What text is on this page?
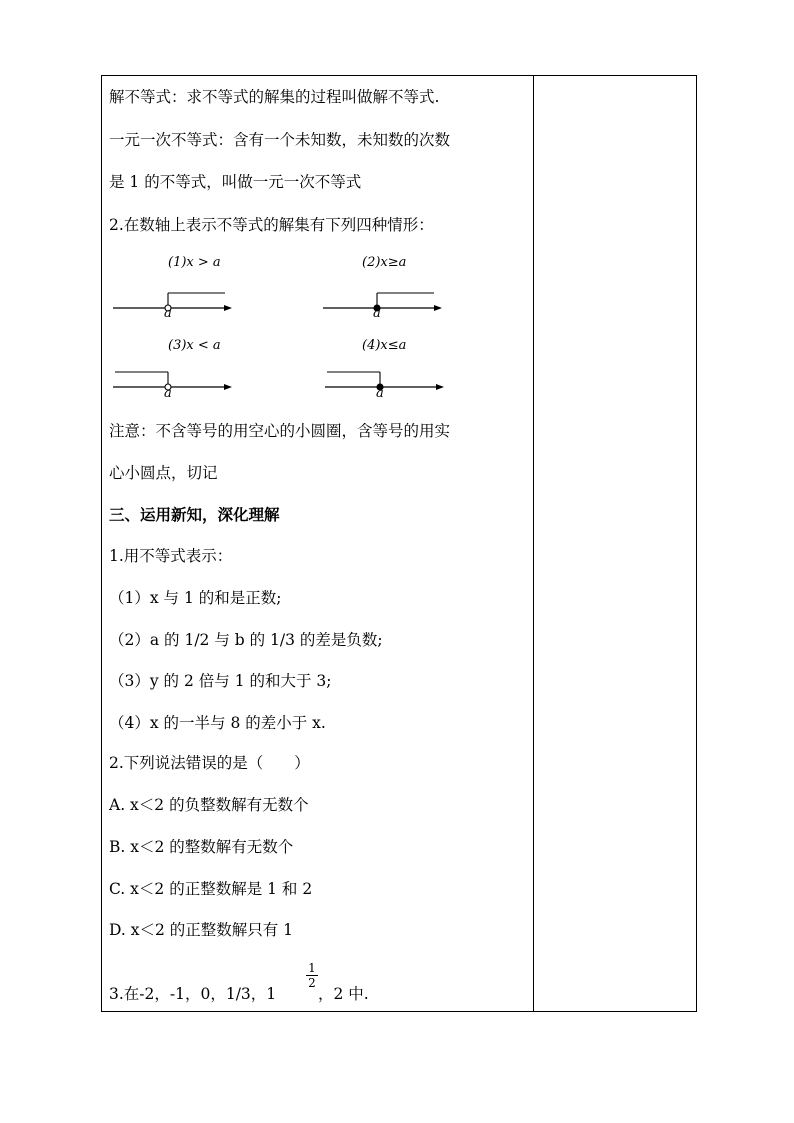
解不等式：求不等式的解集的过程叫做解不等式.
一元一次不等式：含有一个未知数，未知数的次数
是 1 的不等式，叫做一元一次不等式
2.在数轴上表示不等式的解集有下列四种情形：
(1)x > a
a
(2)x≥a
a
(3)x < a
a
(4)x≤a
a
注意：不含等号的用空心的小圆圈，含等号的用实
心小圆点，切记
三、运用新知，深化理解
1.用不等式表示：
（1）x 与 1 的和是正数;
（2）a 的 1/2 与 b 的 1/3 的差是负数;
（3）y 的 2 倍与 1 的和大于 3;
（4）x 的一半与 8 的差小于 x.
2.下列说法错误的是（　　）
A. x＜2 的负整数解有无数个
B. x＜2 的整数解有无数个
C. x＜2 的正整数解是 1 和 2
D. x＜2 的正整数解只有 1
3.在-2，-1，0，1/3，1
1
2
，2 中.
